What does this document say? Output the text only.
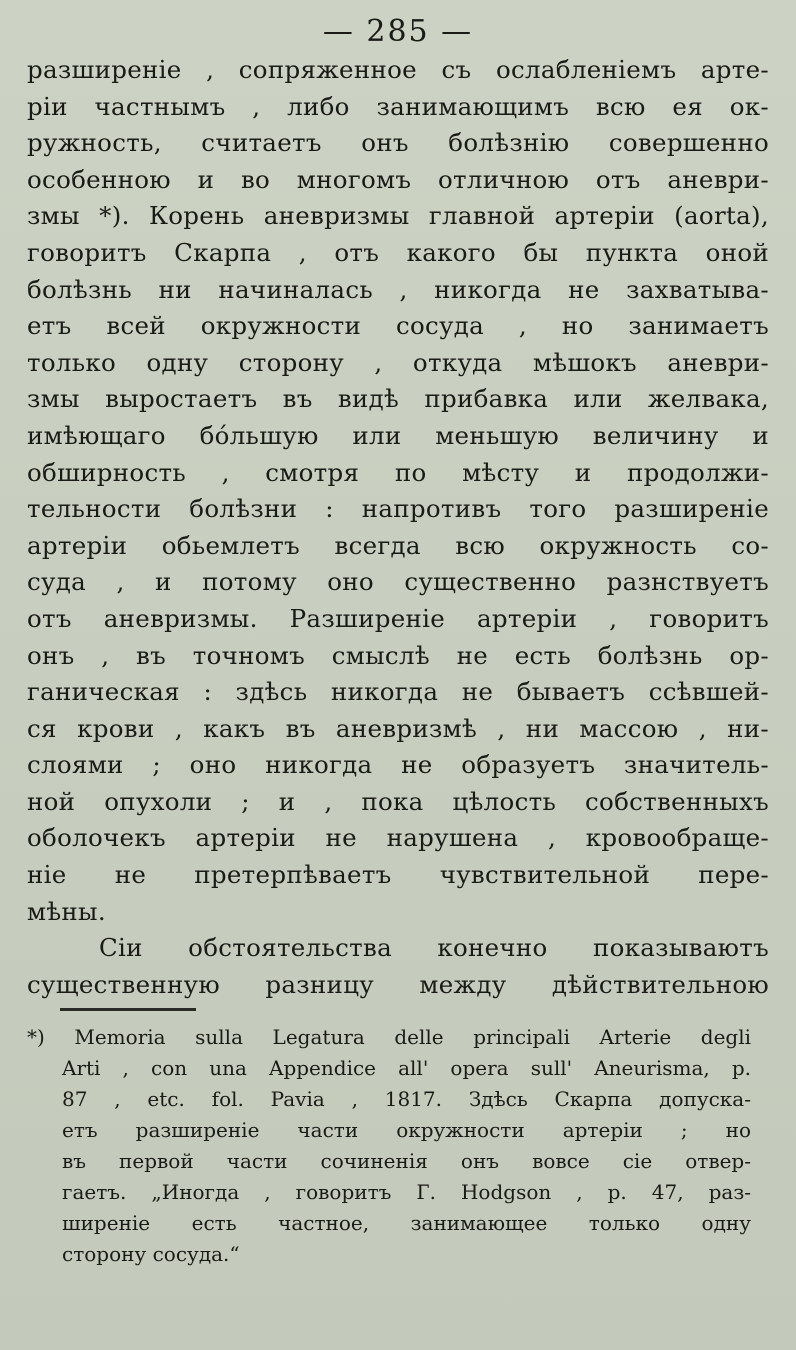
— 285 —
разширеніе , сопряженное съ ослабленіемъ арте-
ріи частнымъ , либо занимающимъ всю ея ок-
ружность, считаетъ онъ болѣзнію совершенно
особенною и во многомъ отличною отъ аневри-
змы *). Корень аневризмы главной артеріи (aorta),
говоритъ Скарпа , отъ какого бы пункта оной
болѣзнь ни начиналась , никогда не захватыва-
етъ всей окружности сосуда , но занимаетъ
только одну сторону , откуда мѣшокъ аневри-
змы выростаетъ въ видѣ прибавка или желвака,
имѣющаго бо́льшую или меньшую величину и
обширность , смотря по мѣсту и продолжи-
тельности болѣзни : напротивъ того разширеніе
артеріи обьемлетъ всегда всю окружность со-
суда , и потому оно существенно разнствуетъ
отъ аневризмы. Разширеніе артеріи , говоритъ
онъ , въ точномъ смыслѣ не есть болѣзнь ор-
ганическая : здѣсь никогда не бываетъ ссѣвшей-
ся крови , какъ въ аневризмѣ , ни массою , ни-
слоями ; оно никогда не образуетъ значитель-
ной опухоли ; и , пока цѣлость собственныхъ
оболочекъ артеріи не нарушена , кровообраще-
ніе не претерпѣваетъ чувствительной пере-
мѣны.
Сіи обстоятельства конечно показываютъ
существенную разницу между дѣйствительною
*) Memoria sulla Legatura delle principali Arterie degli
Arti , con una Appendice all' opera sull' Aneurisma, p.
87 , etc. fol. Pavia , 1817. Здѣсь Скарпа допуска-
етъ разширеніе части окружности артеріи ; но
въ первой части сочиненія онъ вовсе сіе отвер-
гаетъ. „Иногда , говоритъ Г. Hodgson , p. 47, раз-
ширеніе есть частное, занимающее только одну
сторону сосуда.“
